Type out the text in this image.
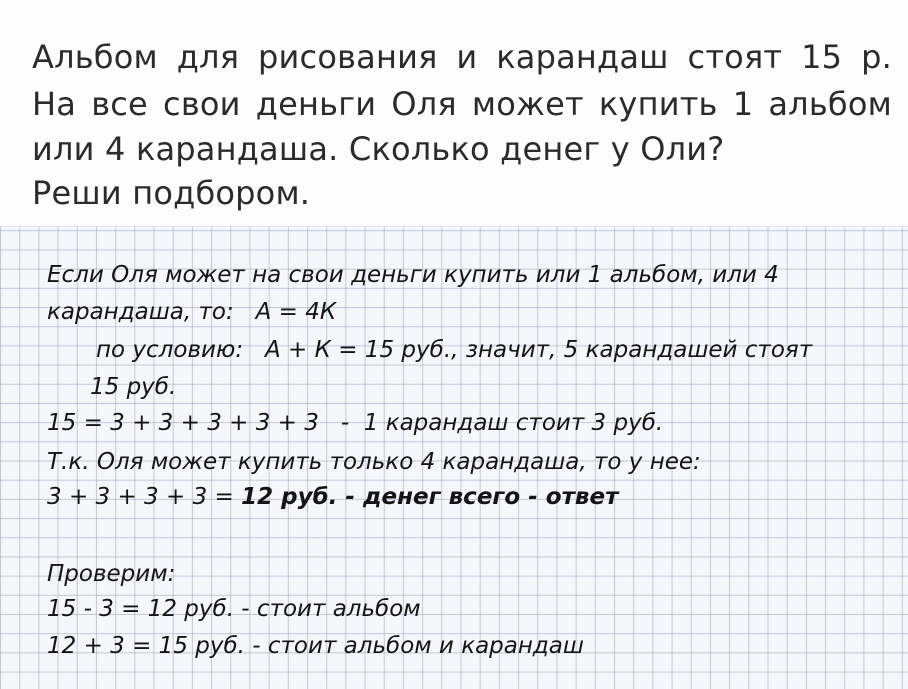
Альбом для рисования и карандаш стоят 15 р.
На все свои деньги Оля может купить 1 альбом
или 4 карандаша. Сколько денег у Оли?
Реши подбором.
Если Оля может на свои деньги купить или 1 альбом, или 4
карандаша, то:   А = 4К
по условию:   А + К = 15 руб., значит, 5 карандашей стоят
15 руб.
15 = 3 + 3 + 3 + 3 + 3   -  1 карандаш стоит 3 руб.
Т.к. Оля может купить только 4 карандаша, то у нее:
3 + 3 + 3 + 3 = 12 руб. - денег всего - ответ
Проверим:
15 - 3 = 12 руб. - стоит альбом
12 + 3 = 15 руб. - стоит альбом и карандаш
